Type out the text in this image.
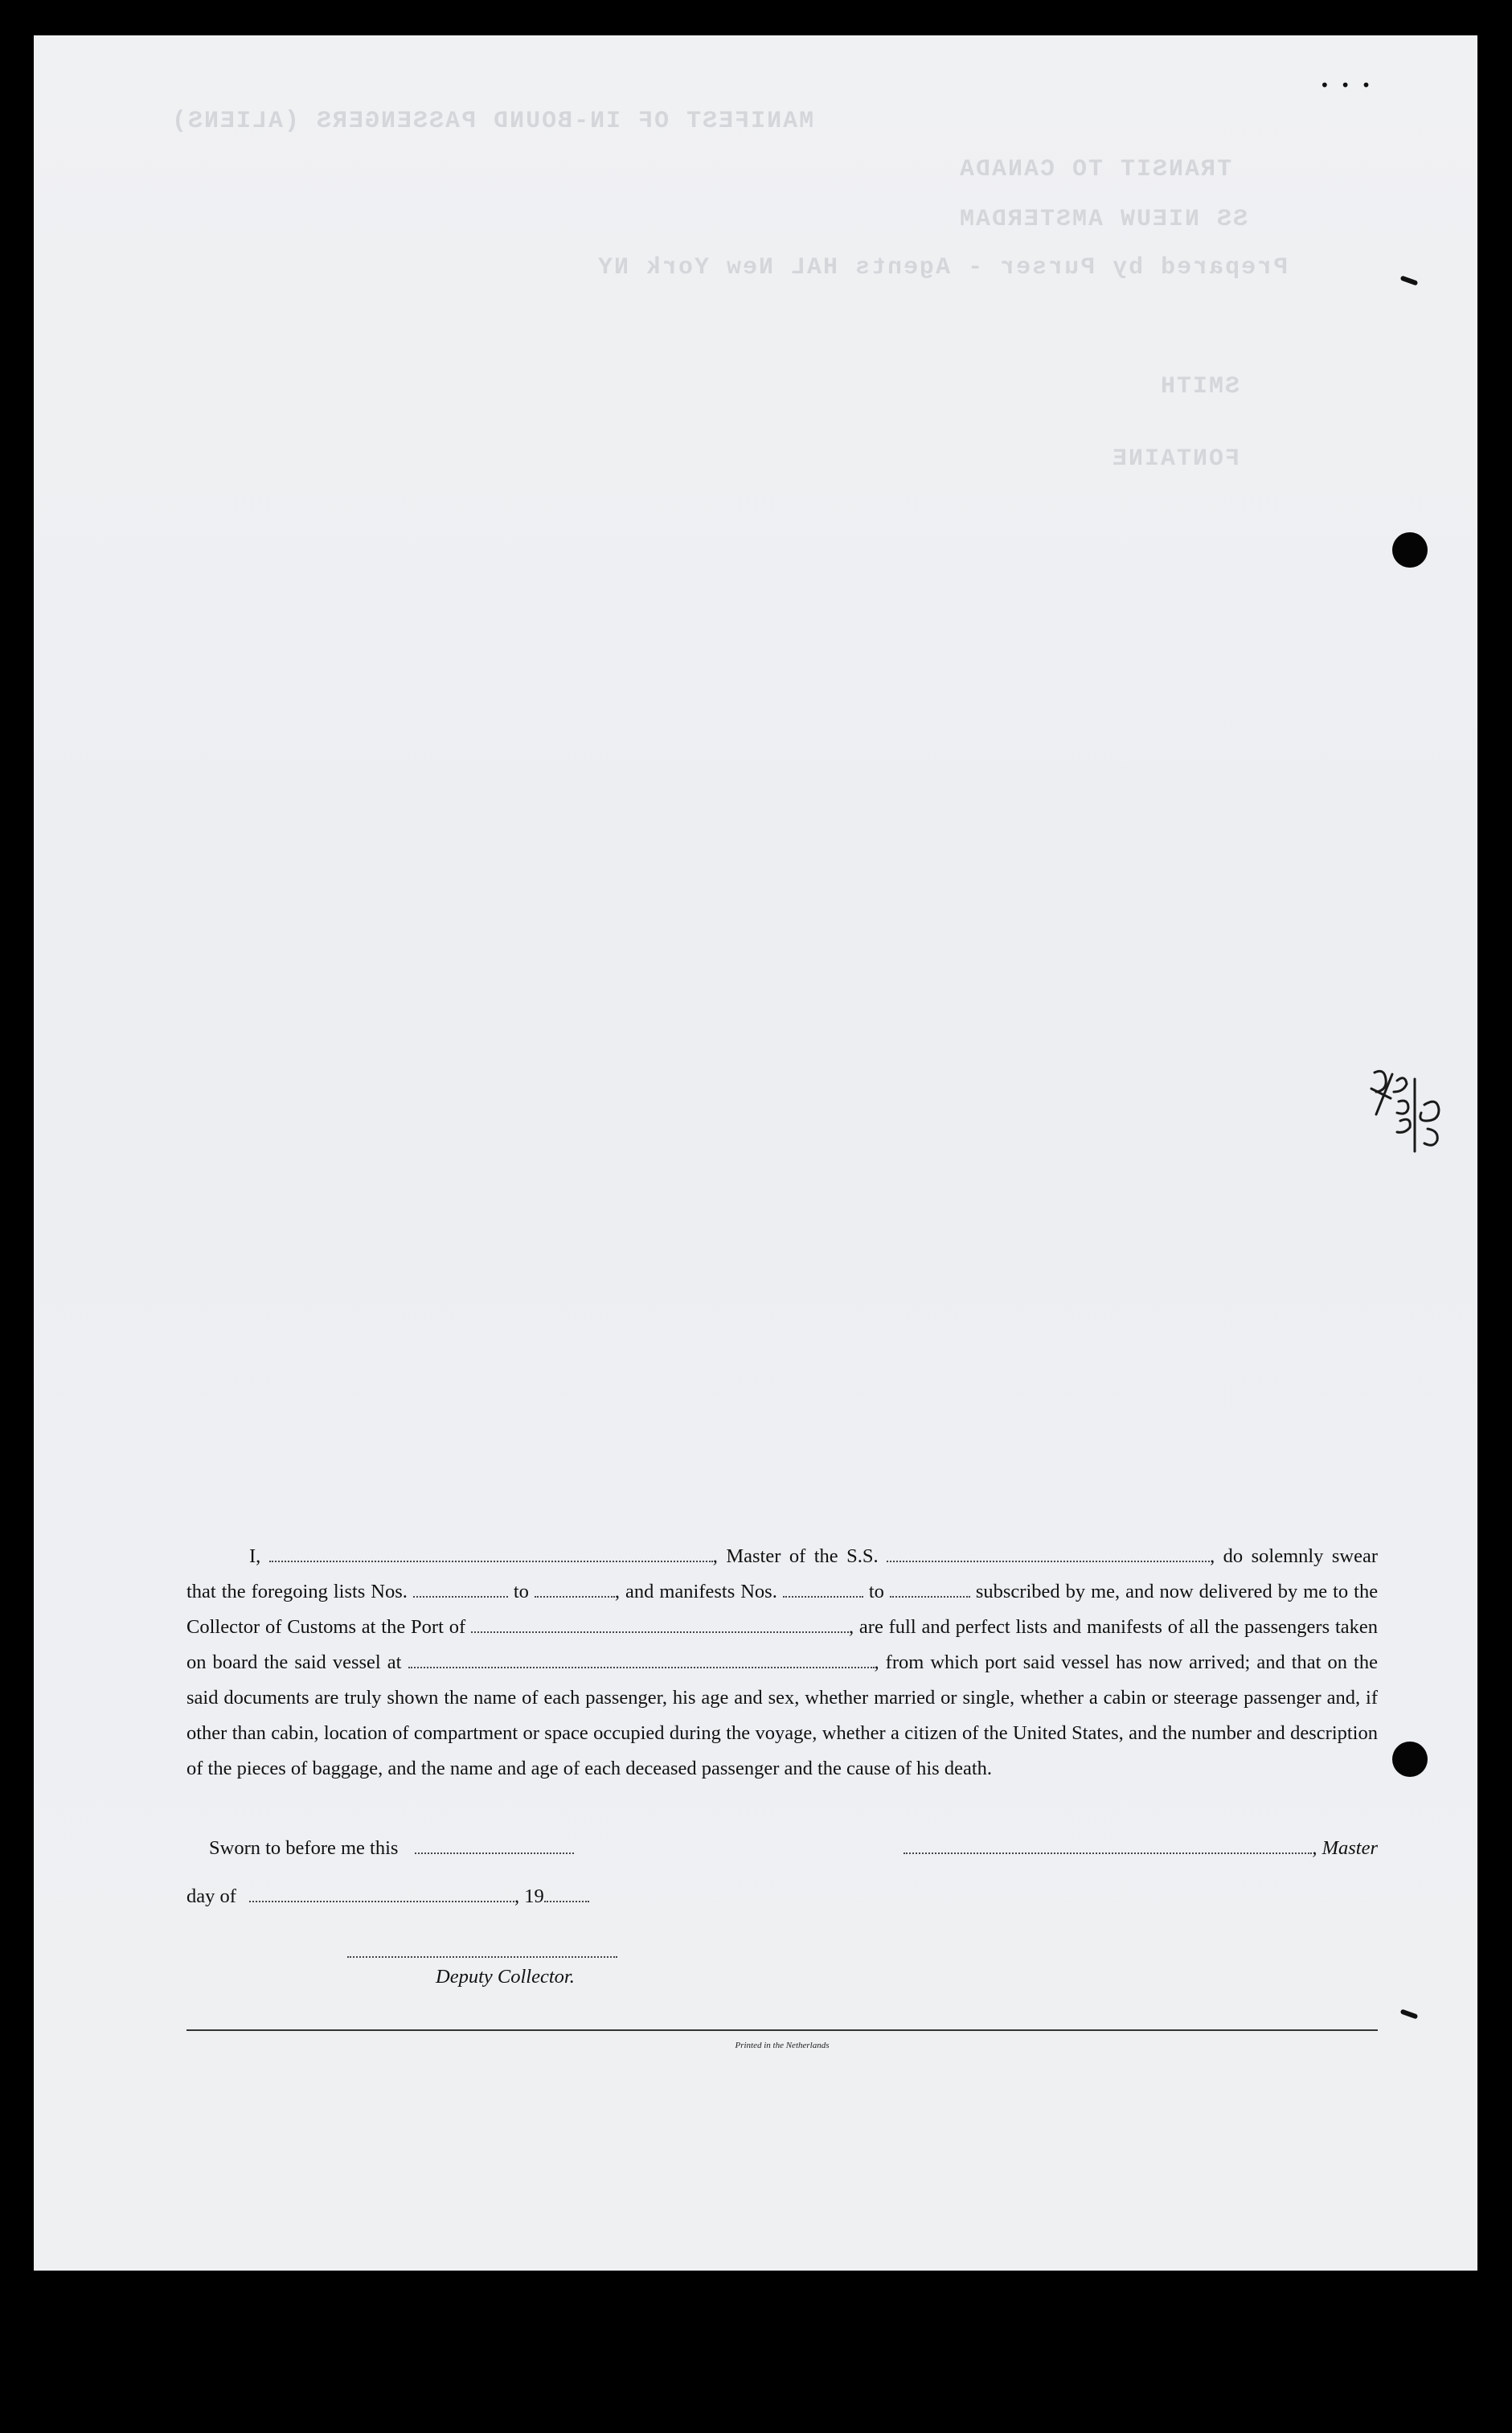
MANIFEST OF IN-BOUND PASSENGERS (ALIENS)
TRANSIT TO CANADA
SS NIEUW AMSTERDAM
Prepared by Purser - Agents HAL New York NY
SMITH
FONTAINE
•••

I,	, Master of the S.S.	, do solemnly swear that the foregoing lists Nos.	to	, and manifests Nos.	to	subscribed by me, and now delivered by me to the Collector of Customs at the Port of	, are full and perfect lists and manifests of all the passengers taken on board the said vessel at	, from which port said vessel has now arrived; and that on the said documents are truly shown the name of each passenger, his age and sex, whether married or single, whether a cabin or steerage passenger and, if other than cabin, location of compartment or space occupied during the voyage, whether a citizen of the United States, and the number and description of the pieces of baggage, and the name and age of each deceased passenger and the cause of his death.

Sworn to before me this	, Master
day of	, 19
Deputy Collector.
Printed in the Netherlands
